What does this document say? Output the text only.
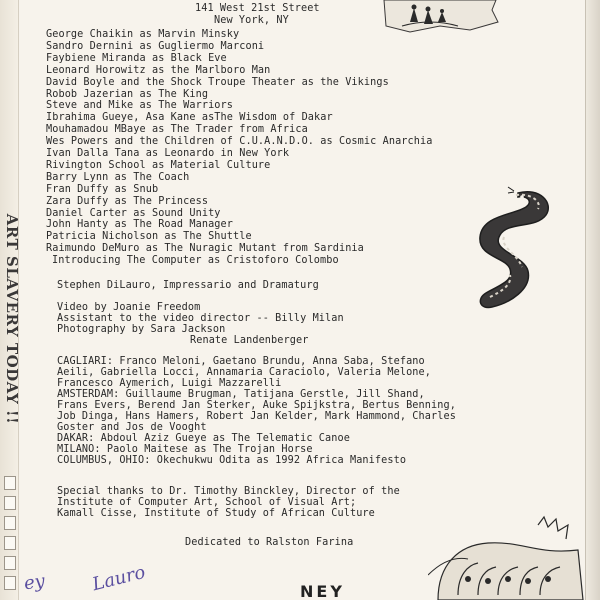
ART SLAVERY TODAY !!
141 West 21st Street
New York, NY
George Chaikin as Marvin Minsky
Sandro Dernini as Gugliermo Marconi
Faybiene Miranda as Black Eve
Leonard Horowitz as the Marlboro Man
David Boyle and the Shock Troupe Theater as the Vikings
Robob Jazerian as The King
Steve and Mike as The Warriors
Ibrahima Gueye, Asa Kane asThe Wisdom of Dakar
Mouhamadou MBaye as The Trader from Africa
Wes Powers and the Children of C.U.A.N.D.O. as Cosmic Anarchia
Ivan Dalla Tana as Leonardo in New York
Rivington School as Material Culture
Barry Lynn as The Coach
Fran Duffy as Snub
Zara Duffy as The Princess
Daniel Carter as Sound Unity
John Hanty as The Road Manager
Patricia Nicholson as The Shuttle
Raimundo DeMuro as The Nuragic Mutant from Sardinia
Introducing The Computer as Cristoforo Colombo
Stephen DiLauro, Impressario and Dramaturg
Video by Joanie Freedom
Assistant to the video director -- Billy Milan
Photography by Sara Jackson
Renate Landenberger
CAGLIARI: Franco Meloni, Gaetano Brundu, Anna Saba, Stefano
Aeili, Gabriella Locci, Annamaria Caraciolo, Valeria Melone,
Francesco Aymerich, Luigi Mazzarelli
AMSTERDAM: Guillaume Brugman, Tatijana Gerstle, Jill Shand,
Frans Evers, Berend Jan Sterker, Auke Spijkstra, Bertus Benning,
Job Dinga, Hans Hamers, Robert Jan Kelder, Mark Hammond, Charles
Goster and Jos de Vooght
DAKAR: Abdoul Aziz Gueye as The Telematic Canoe
MILANO: Paolo Maitese as The Trojan Horse
COLUMBUS, OHIO: Okechukwu Odita as 1992 Africa Manifesto
Special thanks to Dr. Timothy Binckley, Director of the
Institute of Computer Art, School of Visual Art;
Kamall Cisse, Institute of Study of African Culture
Dedicated to Ralston Farina
ey Lauro	NEY
